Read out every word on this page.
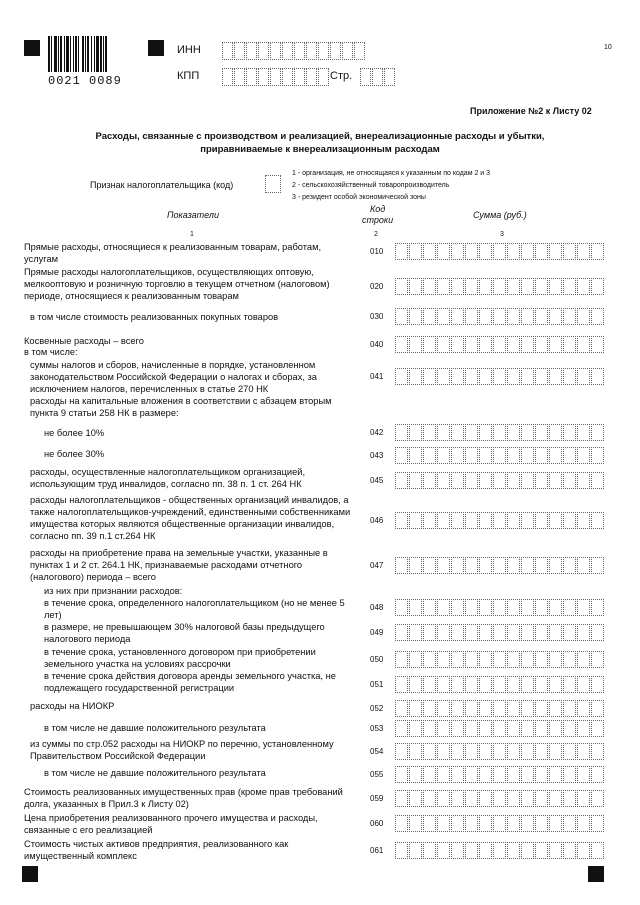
0021 0089
10
ИНН
КПП	Стр.
Приложение №2 к Листу 02
Расходы, связанные с производством и реализацией, внереализационные расходы и убытки,
приравниваемые к внереализационным расходам
Признак налогоплательщика (код)
1 - организация, не относящаяся к указанным по кодам 2 и 3
2 - сельскохозяйственный товаропроизводитель
3 - резидент особой экономической зоны
Показатели
Код
строки	Сумма (руб.)
1	2	3
Прямые расходы, относящиеся к реализованным товарам, работам, услугам
010
Прямые расходы налогоплательщиков, осуществляющих оптовую, мелкооптовую и розничную торговлю в текущем отчетном (налоговом) периоде, относящиеся к реализованным товарам
020
в том числе стоимость реализованных покупных товаров	030
Косвенные расходы – всего	040
в том числе:
суммы налогов и сборов, начисленные в порядке, установленном законодательством Российской Федерации о налогах и сборах, за исключением налогов, перечисленных в статье 270 НК
041
расходы на капитальные вложения в соответствии с абзацем вторым пункта 9 статьи 258 НК в размере:
не более 10%	042
не более 30%	043
расходы, осуществленные налогоплательщиком организацией, использующим труд инвалидов, согласно пп. 38 п. 1 ст. 264 НК	045
расходы налогоплательщиков - общественных организаций инвалидов, а также налогоплательщиков-учреждений, единственными собственниками имущества которых являются общественные организации инвалидов, согласно пп. 39 п.1 ст.264 НК
046
расходы на приобретение права на земельные участки, указанные в пунктах 1 и 2 ст. 264.1 НК, признаваемые расходами отчетного (налогового) периода – всего
047
из них при признании расходов:
в течение срока, определенного налогоплательщиком (но не менее 5 лет)
048
в размере, не превышающем 30% налоговой базы предыдущего налогового периода
049
в течение срока, установленного договором при приобретении земельного участка на условиях рассрочки	050
в течение срока действия договора аренды земельного участка, не подлежащего государственной регистрации	051
расходы на НИОКР	052
в том числе не давшие положительного результата	053
из суммы по стр.052 расходы на НИОКР по перечню, установленному Правительством Российской Федерации	054
в том числе не давшие положительного результата	055
Стоимость реализованных имущественных прав (кроме прав требований долга, указанных в Прил.3 к Листу 02)
059
Цена приобретения реализованного прочего имущества и расходы, связанные с его реализацией
060
Стоимость чистых активов предприятия, реализованного как имущественный комплекс
061
